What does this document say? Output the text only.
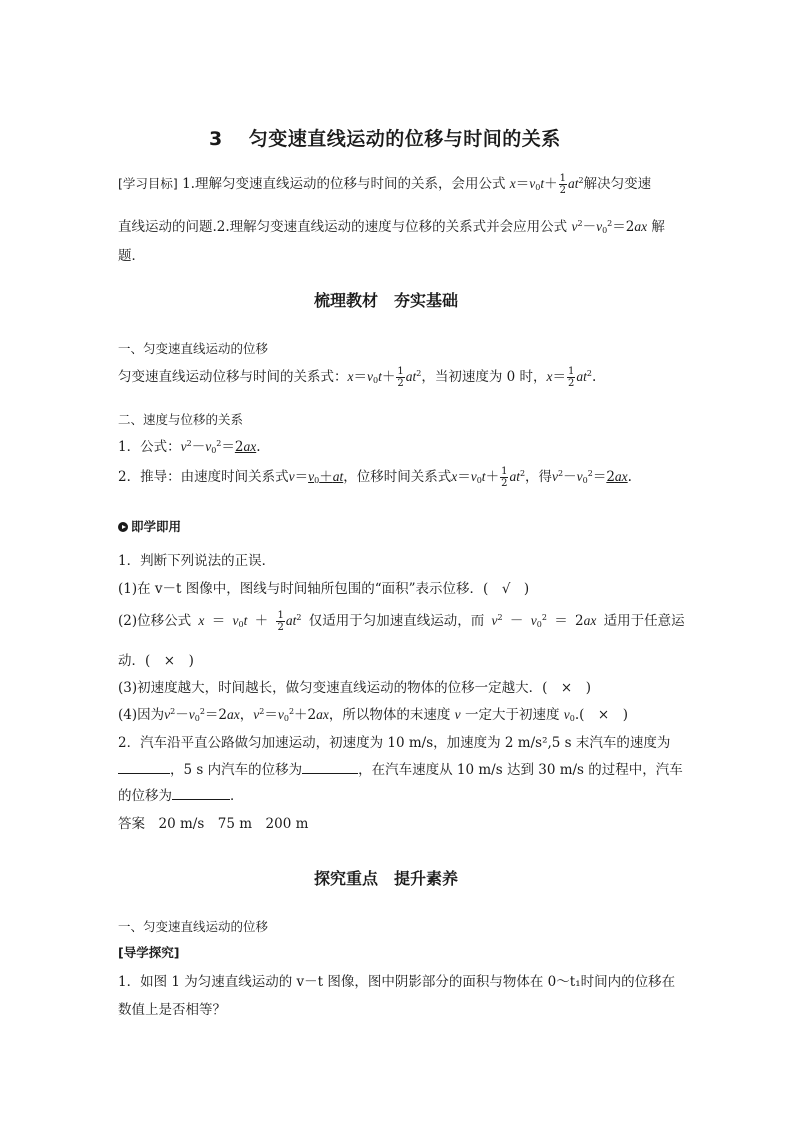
3 匀变速直线运动的位移与时间的关系
[学习目标] 1.理解匀变速直线运动的位移与时间的关系，会用公式 $x=v_0t+ \frac{1}{2} at^2$解决匀变速
直线运动的问题.2.理解匀变速直线运动的速度与位移的关系式并会应用公式 $v^2-v_0^2=2ax$ 解
题．
梳理教材　夯实基础
一、匀变速直线运动的位移
匀变速直线运动位移与时间的关系式：$x=v_0t+ \frac{1}{2} at^2$，当初速度为 0 时，$x= \frac{1}{2} at^2$.
二、速度与位移的关系
1．公式：$v^2-v_0^2=2ax$.
2．推导：由速度时间关系式$v=v_0+at$，位移时间关系式$x=v_0t+ \frac{1}{2} at^2$，得$v^2-v_0^2=2ax$.
即学即用
1．判断下列说法的正误．
(1)在 v－t 图像中，图线与时间轴所包围的“面积”表示位移．(　√　)
(2)位移公式 $x = v_0t + \frac{1}{2} at^2$ 仅适用于匀加速直线运动，而 $v^2 - v_0^2 = 2ax$ 适用于任意运
动．(　×　)
(3)初速度越大，时间越长，做匀变速直线运动的物体的位移一定越大．(　×　)
(4)因为$v^2-v_0^2=2ax$，$v^2=v_0^2+2ax$，所以物体的末速度 v 一定大于初速度 $v_0$.(　×　)
2．汽车沿平直公路做匀加速运动，初速度为 10 m/s，加速度为 2 m/s²,5 s 末汽车的速度为
，5 s 内汽车的位移为	，在汽车速度从 10 m/s 达到 30 m/s 的过程中，汽车
的位移为	．
答案　20 m/s　75 m　200 m
探究重点　提升素养
一、匀变速直线运动的位移
[导学探究]
1．如图 1 为匀速直线运动的 v－t 图像，图中阴影部分的面积与物体在 0～t₁时间内的位移在
数值上是否相等？
